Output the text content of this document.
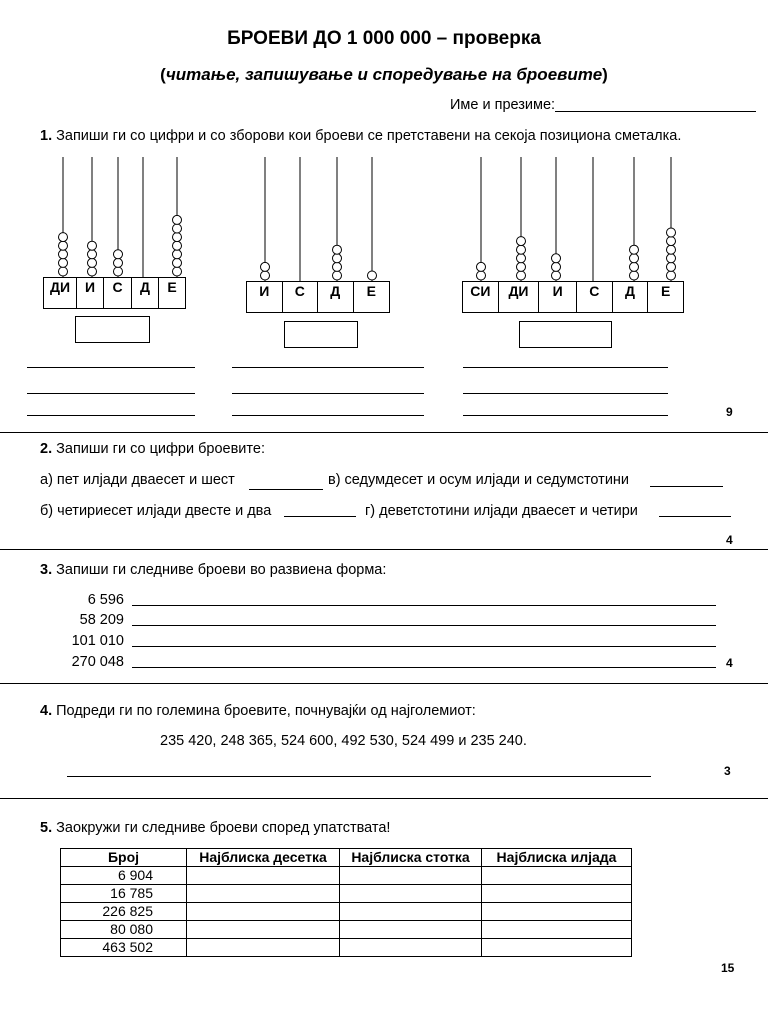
БРОЕВИ ДО 1 000 000 – проверка
(читање, запишување и споредување на броевите)
Име и презиме:
1. Запиши ги со цифри и со зборови кои броеви се претставени на секоја позициона сметалка.
ДИ	И	С	Д	Е	И	С	Д	Е	СИ	ДИ	И	С	Д	Е
9
2. Запиши ги со цифри броевите:
а) пет илјади дваесет и шест	в) седумдесет и осум илјади и седумстотини
б) четириесет илјади двесте и два	г) деветстотини илјади дваесет и четири
4
3. Запиши ги следниве броеви во развиена форма:
6 596
58 209
101 010
270 048	4
4. Подреди ги по големина броевите, почнувајќи од најголемиот:
235 420, 248 365, 524 600, 492 530, 524 499 и 235 240.
3
5. Заокружи ги следниве броеви според упатствата!
Број	Најблиска десетка	Најблиска стотка	Најблиска илјада
6 904			
16 785			
226 825			
80 080			
463 502			
15
